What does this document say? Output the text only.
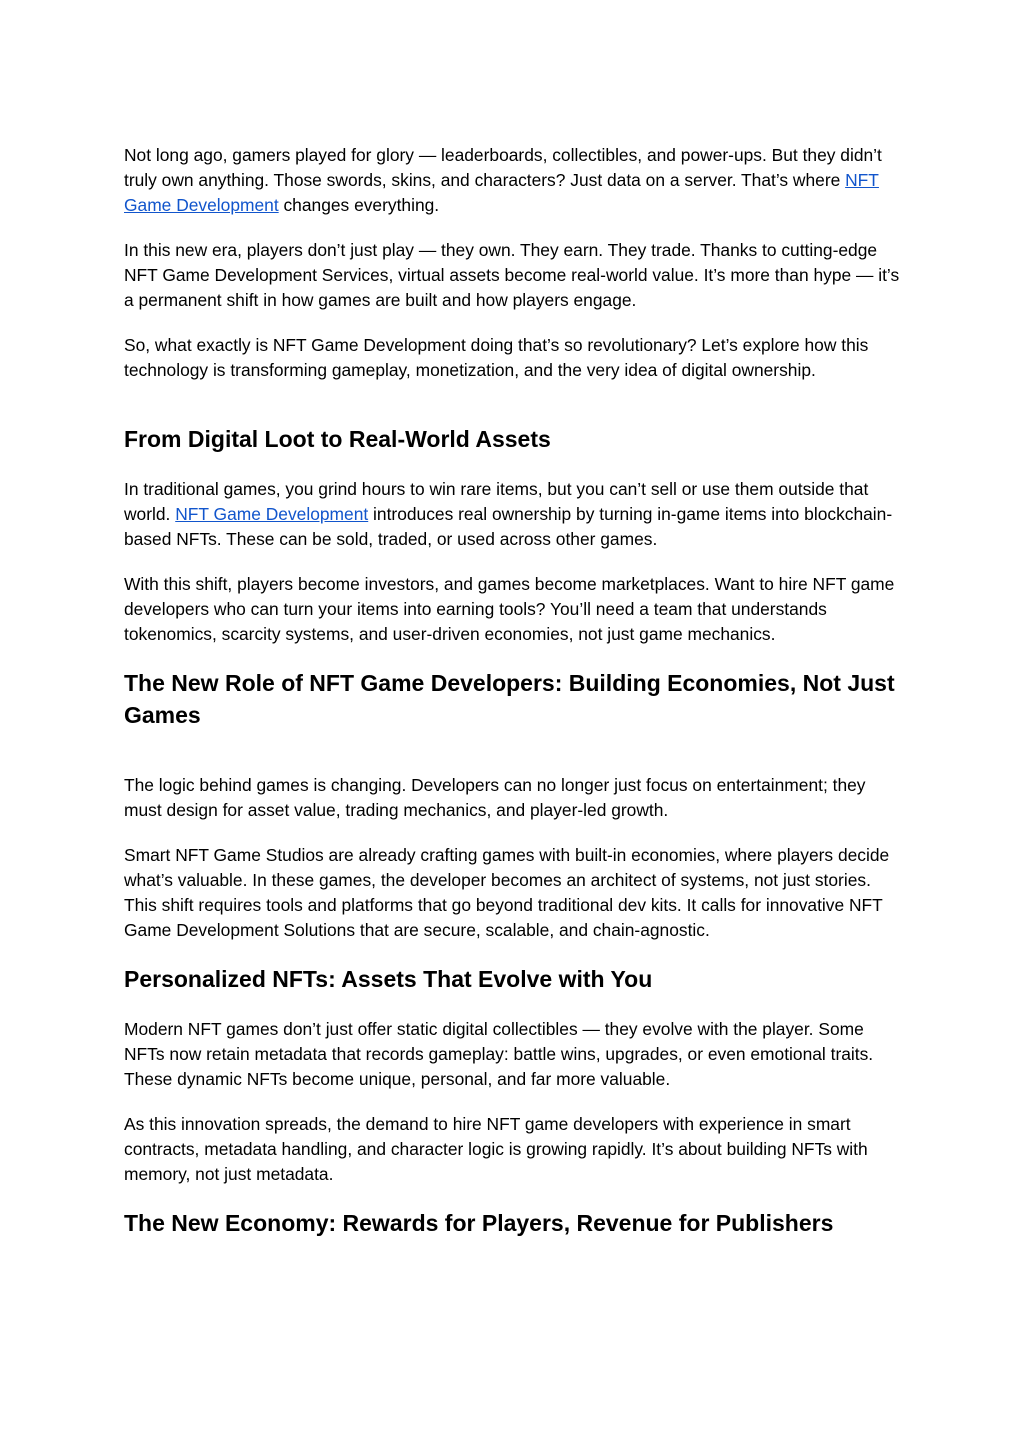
Not long ago, gamers played for glory — leaderboards, collectibles, and power-ups. But they didn’t truly own anything. Those swords, skins, and characters? Just data on a server. That’s where NFT Game Development changes everything.

In this new era, players don’t just play — they own. They earn. They trade. Thanks to cutting-edge NFT Game Development Services, virtual assets become real-world value. It’s more than hype — it’s a permanent shift in how games are built and how players engage.

So, what exactly is NFT Game Development doing that’s so revolutionary? Let’s explore how this technology is transforming gameplay, monetization, and the very idea of digital ownership.

From Digital Loot to Real-World Assets

In traditional games, you grind hours to win rare items, but you can’t sell or use them outside that world. NFT Game Development introduces real ownership by turning in-game items into blockchain-based NFTs. These can be sold, traded, or used across other games.

With this shift, players become investors, and games become marketplaces. Want to hire NFT game developers who can turn your items into earning tools? You’ll need a team that understands tokenomics, scarcity systems, and user-driven economies, not just game mechanics.

The New Role of NFT Game Developers: Building Economies, Not Just Games

The logic behind games is changing. Developers can no longer just focus on entertainment; they must design for asset value, trading mechanics, and player-led growth.

Smart NFT Game Studios are already crafting games with built-in economies, where players decide what’s valuable. In these games, the developer becomes an architect of systems, not just stories. This shift requires tools and platforms that go beyond traditional dev kits. It calls for innovative NFT Game Development Solutions that are secure, scalable, and chain-agnostic.

Personalized NFTs: Assets That Evolve with You

Modern NFT games don’t just offer static digital collectibles — they evolve with the player. Some NFTs now retain metadata that records gameplay: battle wins, upgrades, or even emotional traits. These dynamic NFTs become unique, personal, and far more valuable.

As this innovation spreads, the demand to hire NFT game developers with experience in smart contracts, metadata handling, and character logic is growing rapidly. It’s about building NFTs with memory, not just metadata.

The New Economy: Rewards for Players, Revenue for Publishers
